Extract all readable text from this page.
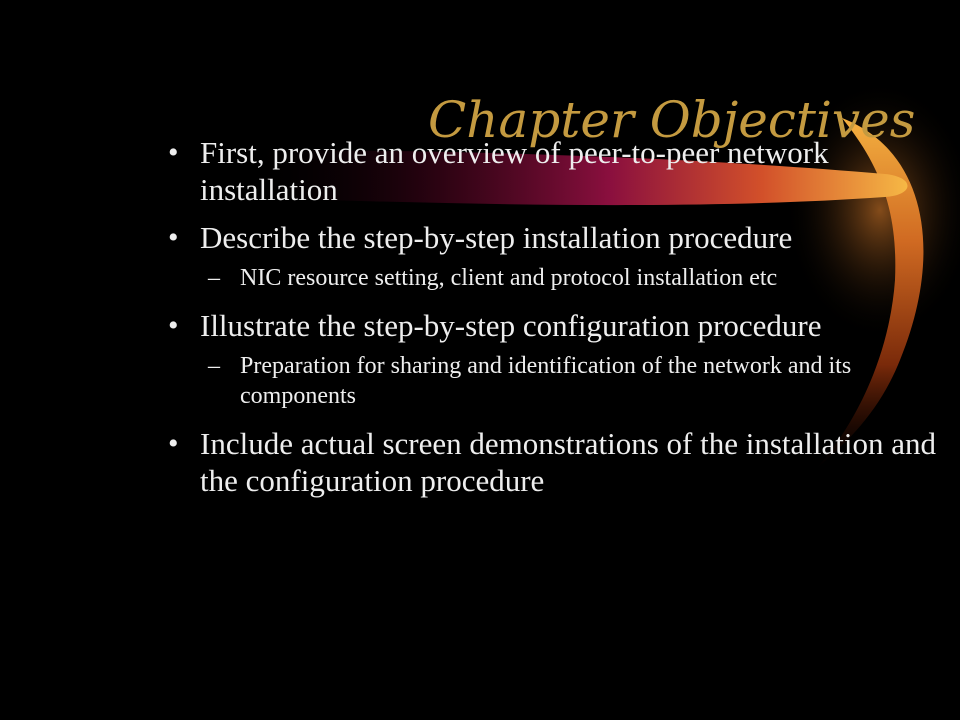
Chapter Objectives
• First, provide an overview of peer-to-peer network installation
• Describe the step-by-step installation procedure
– NIC resource setting, client and protocol installation etc
• Illustrate the step-by-step configuration procedure
– Preparation for sharing and identification of the network and its components
• Include actual screen demonstrations of the installation and the configuration procedure
